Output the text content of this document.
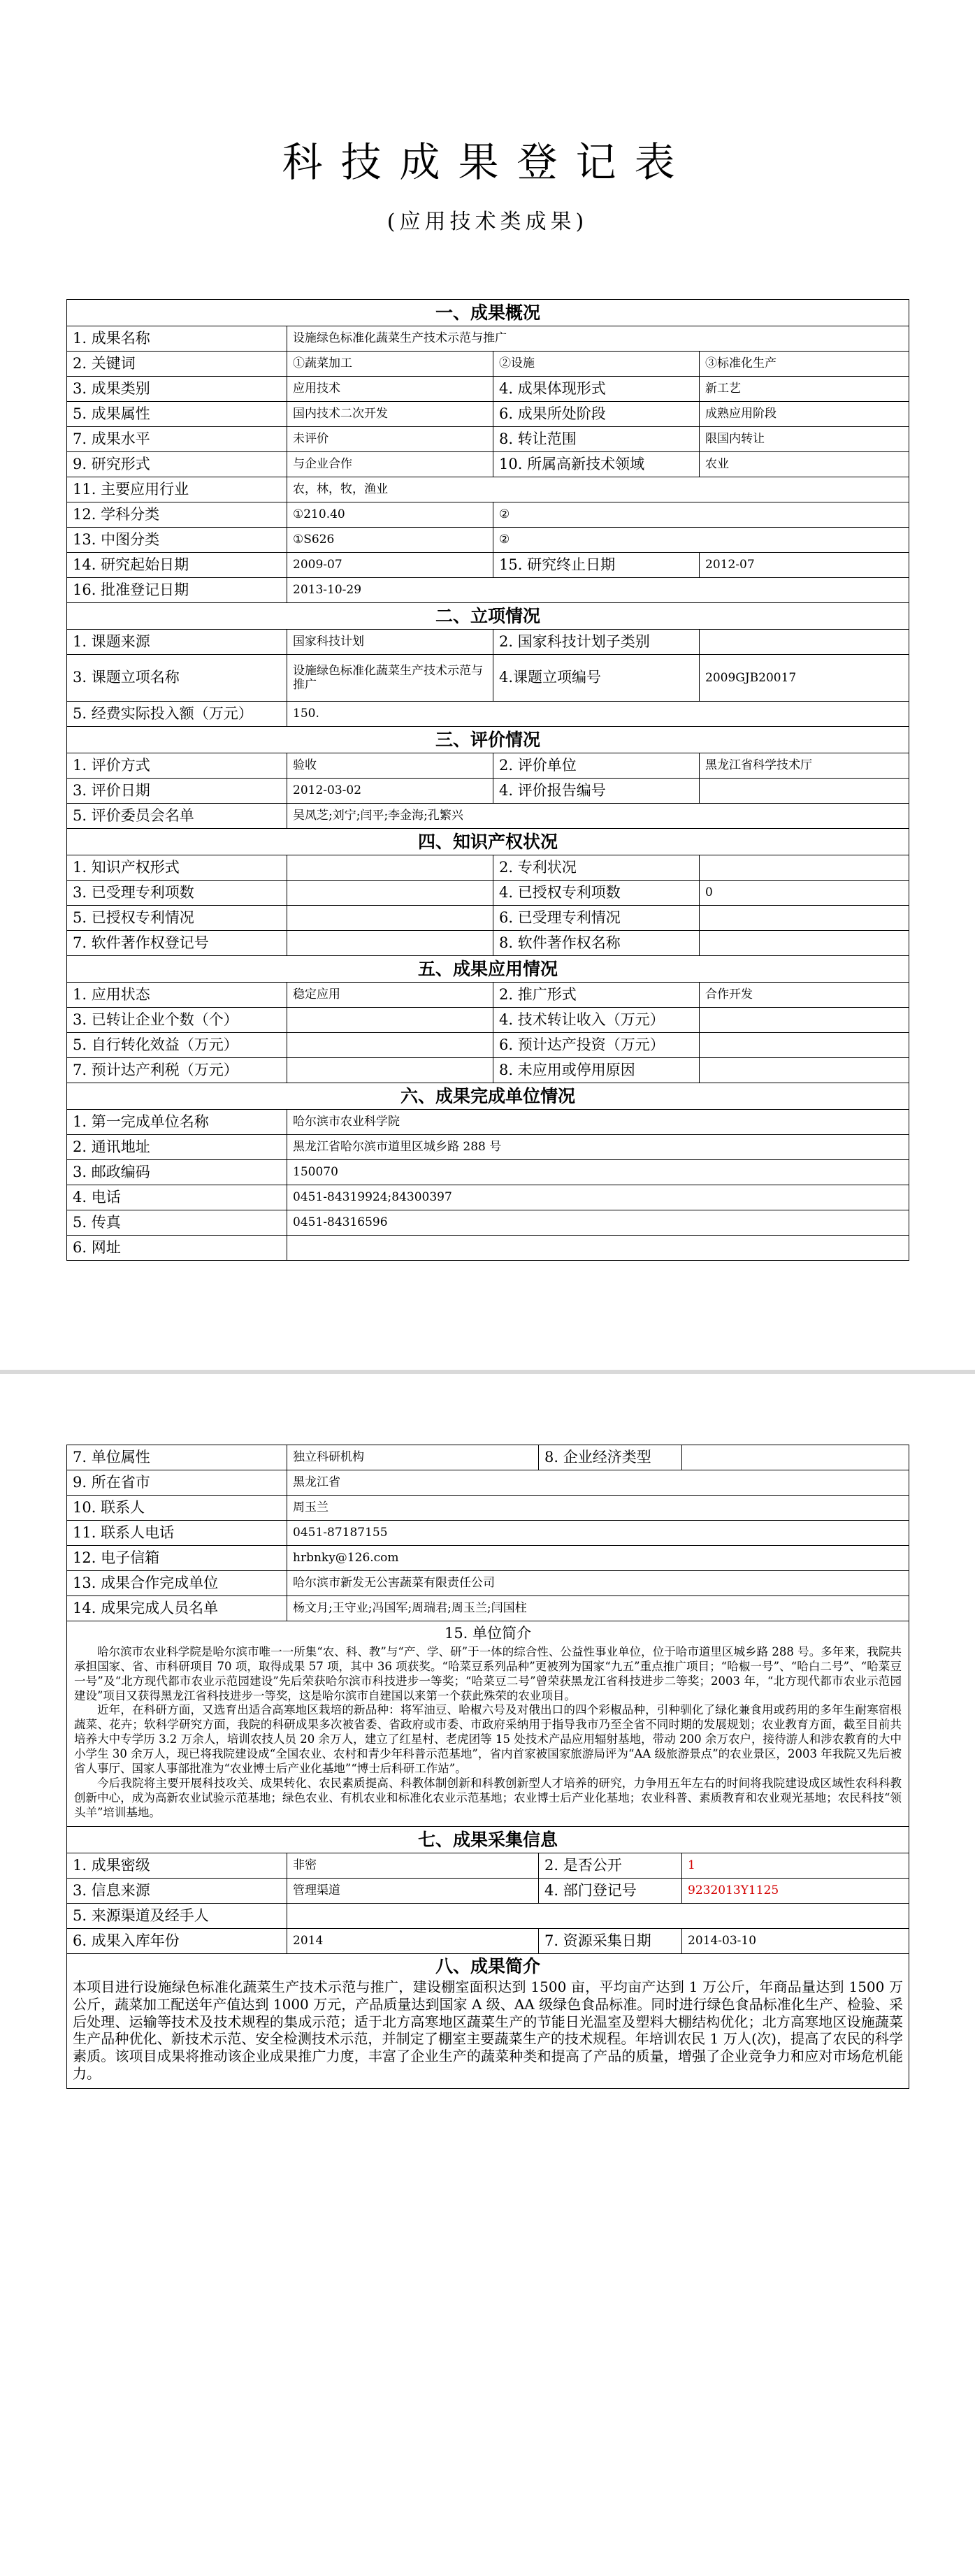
科技成果登记表
(应用技术类成果)
一、成果概况			
1. 成果名称	设施绿色标准化蔬菜生产技术示范与推广		
2. 关键词	①蔬菜加工	②设施	③标准化生产
3. 成果类别	应用技术	4. 成果体现形式	新工艺
5. 成果属性	国内技术二次开发	6. 成果所处阶段	成熟应用阶段
7. 成果水平	未评价	8. 转让范围	限国内转让
9. 研究形式	与企业合作	10. 所属高新技术领域	农业
11. 主要应用行业	农，林，牧，渔业		
12. 学科分类	①210.40	②	
13. 中图分类	①S626	②	
14. 研究起始日期	2009-07	15. 研究终止日期	2012-07
16. 批准登记日期	2013-10-29		
二、立项情况			
1. 课题来源	国家科技计划	2. 国家科技计划子类别	
3. 课题立项名称	设施绿色标准化蔬菜生产技术示范与推广	4.课题立项编号	2009GJB20017
5. 经费实际投入额（万元）	150.		
三、评价情况			
1. 评价方式	验收	2. 评价单位	黑龙江省科学技术厅
3. 评价日期	2012-03-02	4. 评价报告编号	
5. 评价委员会名单	吴凤芝;刘宁;闫平;李金海;孔繁兴		
四、知识产权状况			
1. 知识产权形式		2. 专利状况	
3. 已受理专利项数		4. 已授权专利项数	0
5. 已授权专利情况		6. 已受理专利情况	
7. 软件著作权登记号		8. 软件著作权名称	
五、成果应用情况			
1. 应用状态	稳定应用	2. 推广形式	合作开发
3. 已转让企业个数（个）		4. 技术转让收入（万元）	
5. 自行转化效益（万元）		6. 预计达产投资（万元）	
7. 预计达产利税（万元）		8. 未应用或停用原因	
六、成果完成单位情况			
1. 第一完成单位名称	哈尔滨市农业科学院		
2. 通讯地址	黑龙江省哈尔滨市道里区城乡路 288 号		
3. 邮政编码	150070		
4. 电话	0451-84319924;84300397		
5. 传真	0451-84316596		
6. 网址			
7. 单位属性	独立科研机构	8. 企业经济类型	
9. 所在省市	黑龙江省		
10. 联系人	周玉兰		
11. 联系人电话	0451-87187155		
12. 电子信箱	hrbnky@126.com		
13. 成果合作完成单位	哈尔滨市新发无公害蔬菜有限责任公司		
14. 成果完成人员名单	杨文月;王守业;冯国军;周瑞君;周玉兰;闫国柱		

15. 单位简介

哈尔滨市农业科学院是哈尔滨市唯一一所集“农、科、教”与“产、学、研”于一体的综合性、公益性事业单位，位于哈市道里区城乡路 288 号。多年来，我院共承担国家、省、市科研项目 70 项，取得成果 57 项，其中 36 项获奖。“哈菜豆系列品种”更被列为国家“九五”重点推广项目；“哈椒一号”、“哈白二号”、“哈菜豆一号”及“北方现代都市农业示范园建设”先后荣获哈尔滨市科技进步一等奖；“哈菜豆二号”曾荣获黑龙江省科技进步二等奖；2003 年，“北方现代都市农业示范园建设”项目又获得黑龙江省科技进步一等奖，这是哈尔滨市自建国以来第一个获此殊荣的农业项目。

近年，在科研方面，又选育出适合高寒地区栽培的新品种：将军油豆、哈椒六号及对俄出口的四个彩椒品种，引种驯化了绿化兼食用或药用的多年生耐寒宿根蔬菜、花卉；软科学研究方面，我院的科研成果多次被省委、省政府或市委、市政府采纳用于指导我市乃至全省不同时期的发展规划；农业教育方面，截至目前共培养大中专学历 3.2 万余人，培训农技人员 20 余万人，建立了红星村、老虎团等 15 处技术产品应用辐射基地，带动 200 余万农户，接待游人和涉农教育的大中小学生 30 余万人，现已将我院建设成“全国农业、农村和青少年科普示范基地”，省内首家被国家旅游局评为“AA 级旅游景点”的农业景区，2003 年我院又先后被省人事厅、国家人事部批准为“农业博士后产业化基地”“博士后科研工作站”。

今后我院将主要开展科技攻关、成果转化、农民素质提高、科教体制创新和科教创新型人才培养的研究，力争用五年左右的时间将我院建设成区域性农科科教创新中心，成为高新农业试验示范基地；绿色农业、有机农业和标准化农业示范基地；农业博士后产业化基地；农业科普、素质教育和农业观光基地；农民科技“领头羊”培训基地。			

七、成果采集信息			
1. 成果密级	非密	2. 是否公开	1
3. 信息来源	管理渠道	4. 部门登记号	9232013Y1125
5. 来源渠道及经手人			
6. 成果入库年份	2014	7. 资源采集日期	2014-03-10

八、成果简介
本项目进行设施绿色标准化蔬菜生产技术示范与推广，建设棚室面积达到 1500 亩，平均亩产达到 1 万公斤，年商品量达到 1500 万公斤，蔬菜加工配送年产值达到 1000 万元，产品质量达到国家 A 级、AA 级绿色食品标准。同时进行绿色食品标准化生产、检验、采后处理、运输等技术及技术规程的集成示范；适于北方高寒地区蔬菜生产的节能日光温室及塑料大棚结构优化；北方高寒地区设施蔬菜生产品种优化、新技术示范、安全检测技术示范，并制定了棚室主要蔬菜生产的技术规程。年培训农民 1 万人(次)，提高了农民的科学素质。该项目成果将推动该企业成果推广力度，丰富了企业生产的蔬菜种类和提高了产品的质量，增强了企业竞争力和应对市场危机能力。			
